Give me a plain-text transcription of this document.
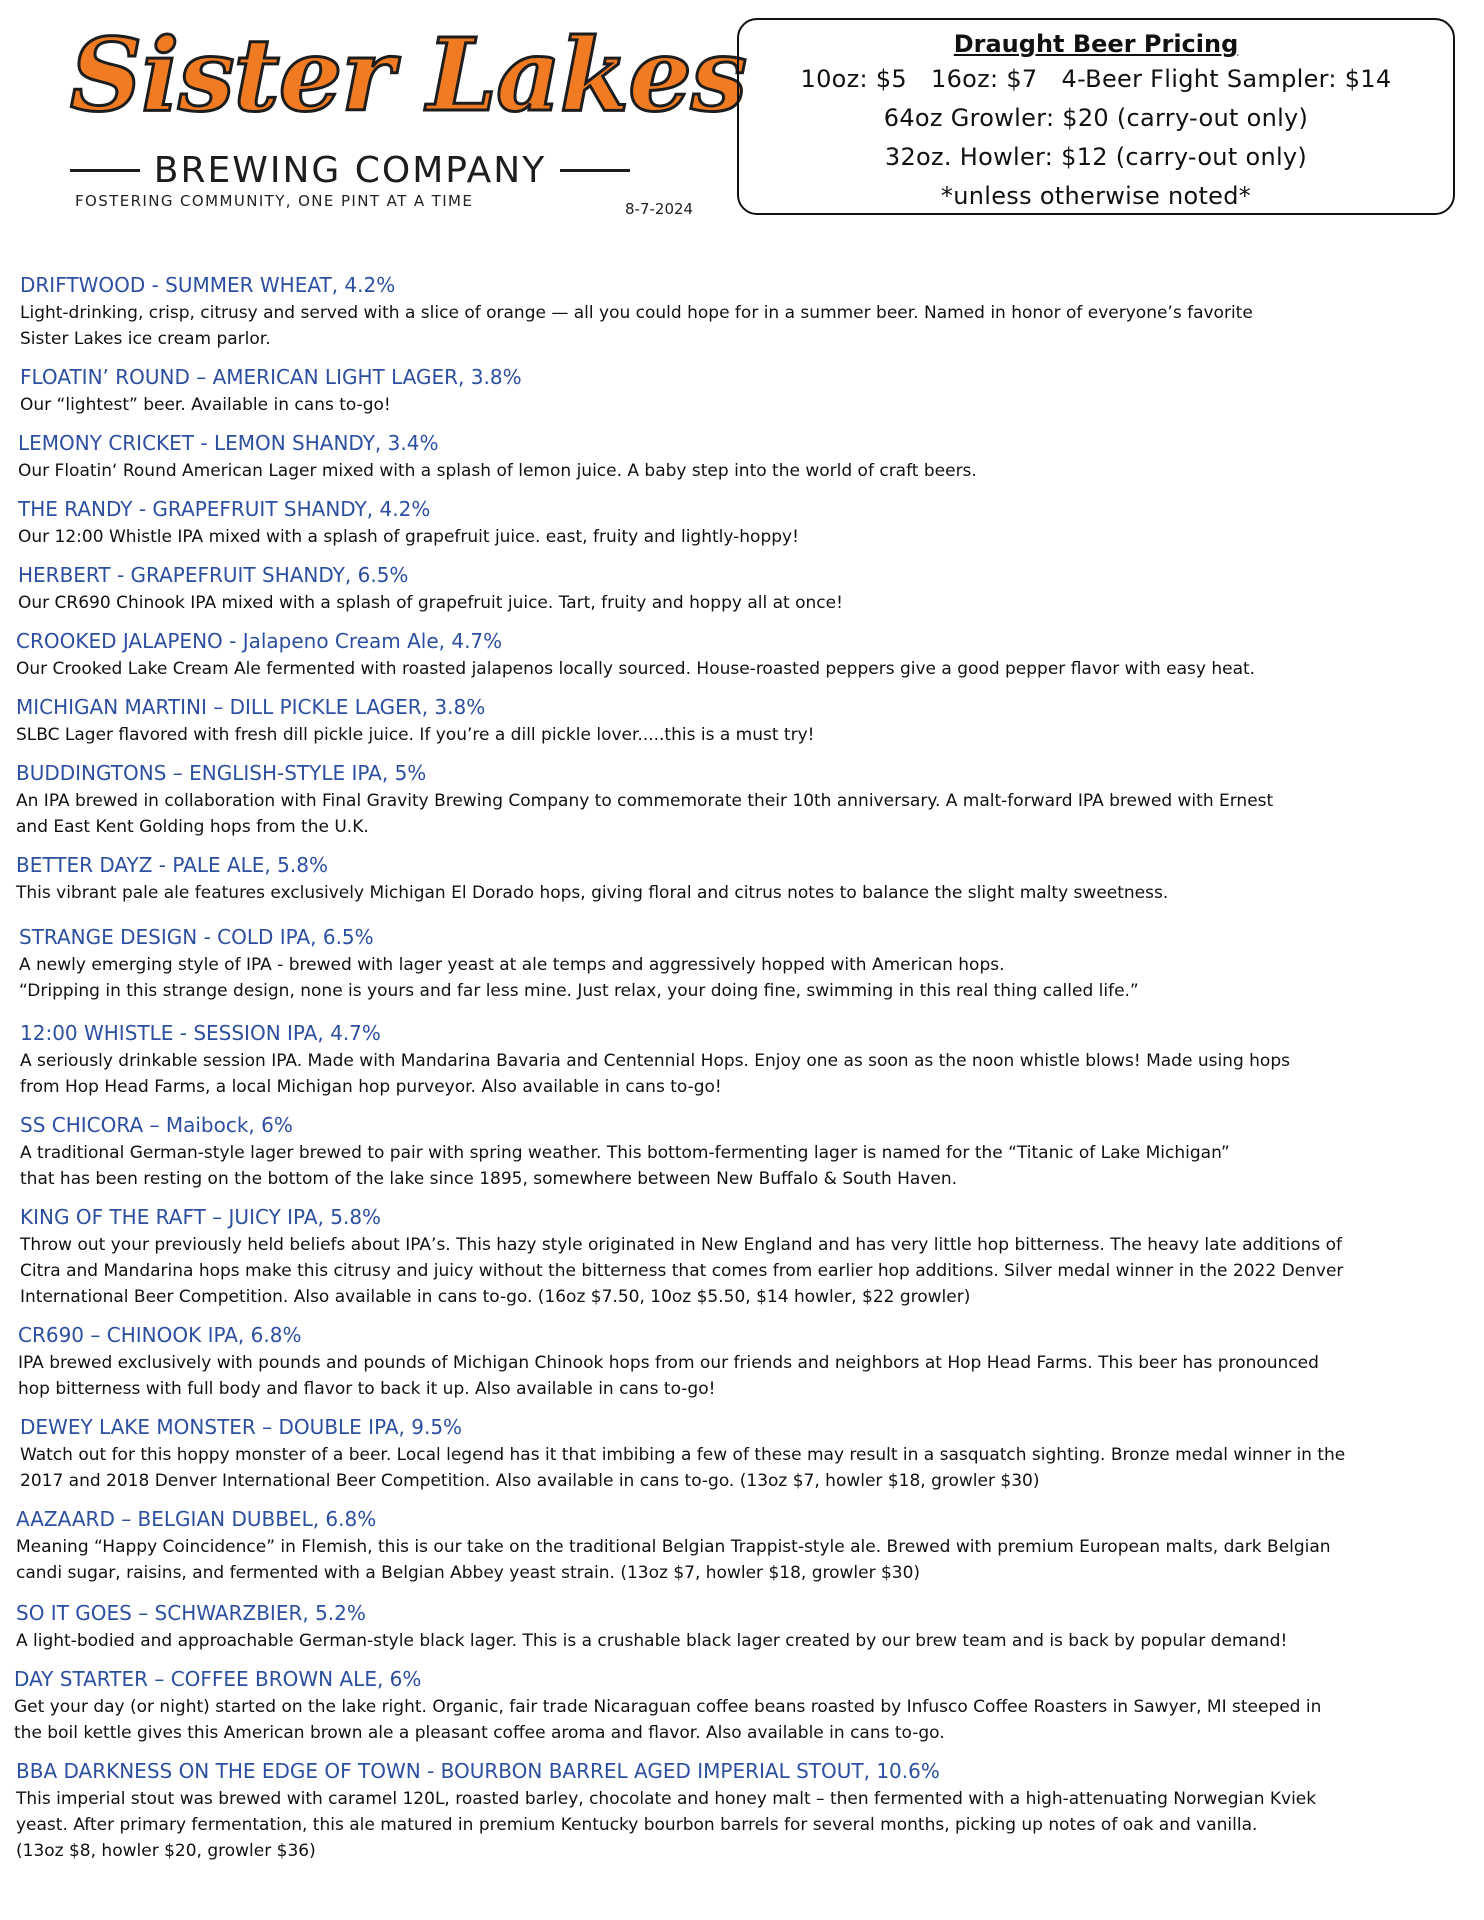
Sister Lakes
BREWING COMPANY
FOSTERING COMMUNITY, ONE PINT AT A TIME	8-7-2024
Draught Beer Pricing
10oz: $5 16oz: $7 4-Beer Flight Sampler: $14
64oz Growler: $20 (carry-out only)
32oz. Howler: $12 (carry-out only)
*unless otherwise noted*
DRIFTWOOD - SUMMER WHEAT, 4.2%
Light-drinking, crisp, citrusy and served with a slice of orange — all you could hope for in a summer beer. Named in honor of everyone’s favorite
Sister Lakes ice cream parlor.
FLOATIN’ ROUND – AMERICAN LIGHT LAGER, 3.8%
Our “lightest” beer. Available in cans to-go!
LEMONY CRICKET - LEMON SHANDY, 3.4%
Our Floatin‘ Round American Lager mixed with a splash of lemon juice. A baby step into the world of craft beers.
THE RANDY - GRAPEFRUIT SHANDY, 4.2%
Our 12:00 Whistle IPA mixed with a splash of grapefruit juice. east, fruity and lightly-hoppy!
HERBERT - GRAPEFRUIT SHANDY, 6.5%
Our CR690 Chinook IPA mixed with a splash of grapefruit juice. Tart, fruity and hoppy all at once!
CROOKED JALAPENO - Jalapeno Cream Ale, 4.7%
Our Crooked Lake Cream Ale fermented with roasted jalapenos locally sourced. House-roasted peppers give a good pepper flavor with easy heat.
MICHIGAN MARTINI – DILL PICKLE LAGER, 3.8%
SLBC Lager flavored with fresh dill pickle juice. If you’re a dill pickle lover.....this is a must try!
BUDDINGTONS – ENGLISH-STYLE IPA, 5%
An IPA brewed in collaboration with Final Gravity Brewing Company to commemorate their 10th anniversary. A malt-forward IPA brewed with Ernest
and East Kent Golding hops from the U.K.
BETTER DAYZ - PALE ALE, 5.8%
This vibrant pale ale features exclusively Michigan El Dorado hops, giving floral and citrus notes to balance the slight malty sweetness.
STRANGE DESIGN - COLD IPA, 6.5%
A newly emerging style of IPA - brewed with lager yeast at ale temps and aggressively hopped with American hops.
“Dripping in this strange design, none is yours and far less mine. Just relax, your doing fine, swimming in this real thing called life.”
12:00 WHISTLE - SESSION IPA, 4.7%
A seriously drinkable session IPA. Made with Mandarina Bavaria and Centennial Hops. Enjoy one as soon as the noon whistle blows! Made using hops
from Hop Head Farms, a local Michigan hop purveyor. Also available in cans to-go!
SS CHICORA – Maibock, 6%
A traditional German-style lager brewed to pair with spring weather. This bottom-fermenting lager is named for the “Titanic of Lake Michigan”
that has been resting on the bottom of the lake since 1895, somewhere between New Buffalo & South Haven.
KING OF THE RAFT – JUICY IPA, 5.8%
Throw out your previously held beliefs about IPA’s. This hazy style originated in New England and has very little hop bitterness. The heavy late additions of
Citra and Mandarina hops make this citrusy and juicy without the bitterness that comes from earlier hop additions. Silver medal winner in the 2022 Denver
International Beer Competition. Also available in cans to-go. (16oz $7.50, 10oz $5.50, $14 howler, $22 growler)
CR690 – CHINOOK IPA, 6.8%
IPA brewed exclusively with pounds and pounds of Michigan Chinook hops from our friends and neighbors at Hop Head Farms. This beer has pronounced
hop bitterness with full body and flavor to back it up. Also available in cans to-go!
DEWEY LAKE MONSTER – DOUBLE IPA, 9.5%
Watch out for this hoppy monster of a beer. Local legend has it that imbibing a few of these may result in a sasquatch sighting. Bronze medal winner in the
2017 and 2018 Denver International Beer Competition. Also available in cans to-go. (13oz $7, howler $18, growler $30)
AAZAARD – BELGIAN DUBBEL, 6.8%
Meaning “Happy Coincidence” in Flemish, this is our take on the traditional Belgian Trappist-style ale. Brewed with premium European malts, dark Belgian
candi sugar, raisins, and fermented with a Belgian Abbey yeast strain. (13oz $7, howler $18, growler $30)
SO IT GOES – SCHWARZBIER, 5.2%
A light-bodied and approachable German-style black lager. This is a crushable black lager created by our brew team and is back by popular demand!
DAY STARTER – COFFEE BROWN ALE, 6%
Get your day (or night) started on the lake right. Organic, fair trade Nicaraguan coffee beans roasted by Infusco Coffee Roasters in Sawyer, MI steeped in
the boil kettle gives this American brown ale a pleasant coffee aroma and flavor. Also available in cans to-go.
BBA DARKNESS ON THE EDGE OF TOWN - BOURBON BARREL AGED IMPERIAL STOUT, 10.6%
This imperial stout was brewed with caramel 120L, roasted barley, chocolate and honey malt – then fermented with a high-attenuating Norwegian Kviek
yeast. After primary fermentation, this ale matured in premium Kentucky bourbon barrels for several months, picking up notes of oak and vanilla.
(13oz $8, howler $20, growler $36)
